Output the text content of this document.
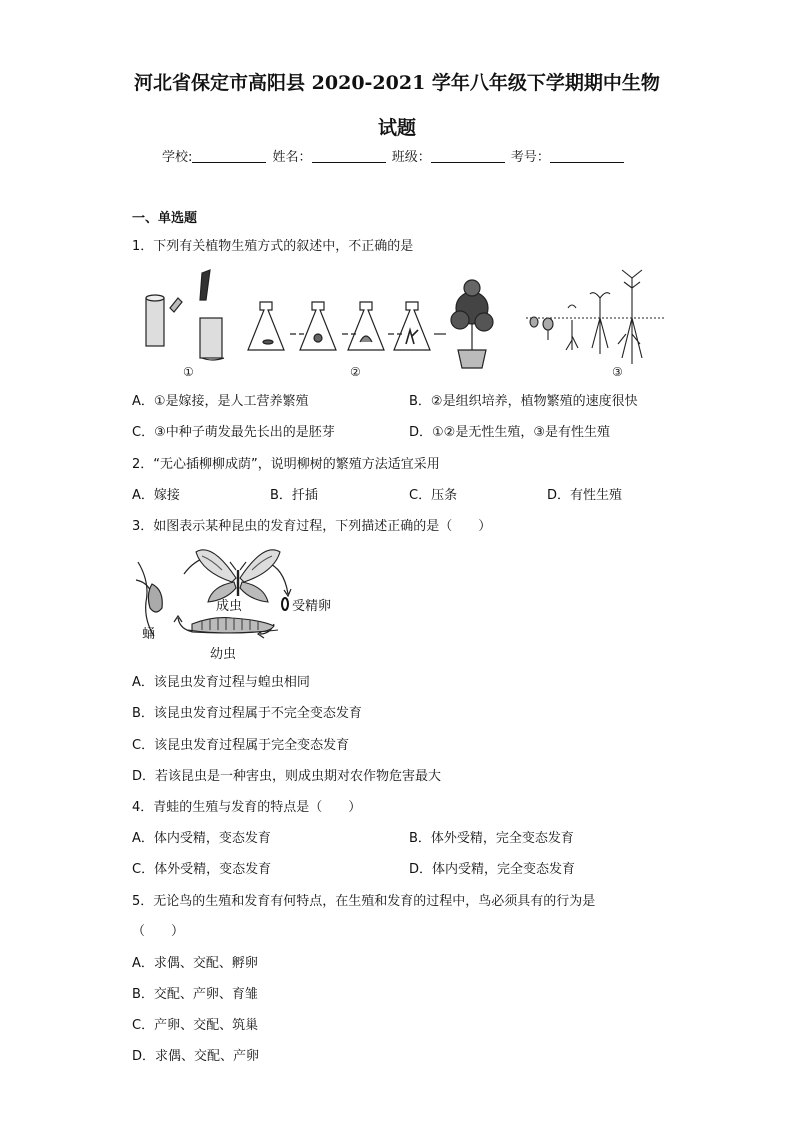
河北省保定市高阳县 2020-2021 学年八年级下学期期中生物
试题
学校:	姓名：	班级：	考号：
一、单选题
1．下列有关植物生殖方式的叙述中，不正确的是
①	②	③
A．①是嫁接，是人工营养繁殖	B．②是组织培养，植物繁殖的速度很快
C．③中种子萌发最先长出的是胚芽	D．①②是无性生殖，③是有性生殖
2．“无心插柳柳成荫”，说明柳树的繁殖方法适宜采用
A．嫁接	B．扦插	C．压条	D．有性生殖
3．如图表示某种昆虫的发育过程，下列描述正确的是（　　）
成虫	受精卵
蛹
幼虫
A．该昆虫发育过程与蝗虫相同
B．该昆虫发育过程属于不完全变态发育
C．该昆虫发育过程属于完全变态发育
D．若该昆虫是一种害虫，则成虫期对农作物危害最大
4．青蛙的生殖与发育的特点是（　　）
A．体内受精，变态发育	B．体外受精，完全变态发育
C．体外受精，变态发育	D．体内受精，完全变态发育
5．无论鸟的生殖和发育有何特点，在生殖和发育的过程中，鸟必须具有的行为是
（　　）
A．求偶、交配、孵卵
B．交配、产卵、育雏
C．产卵、交配、筑巢
D．求偶、交配、产卵
